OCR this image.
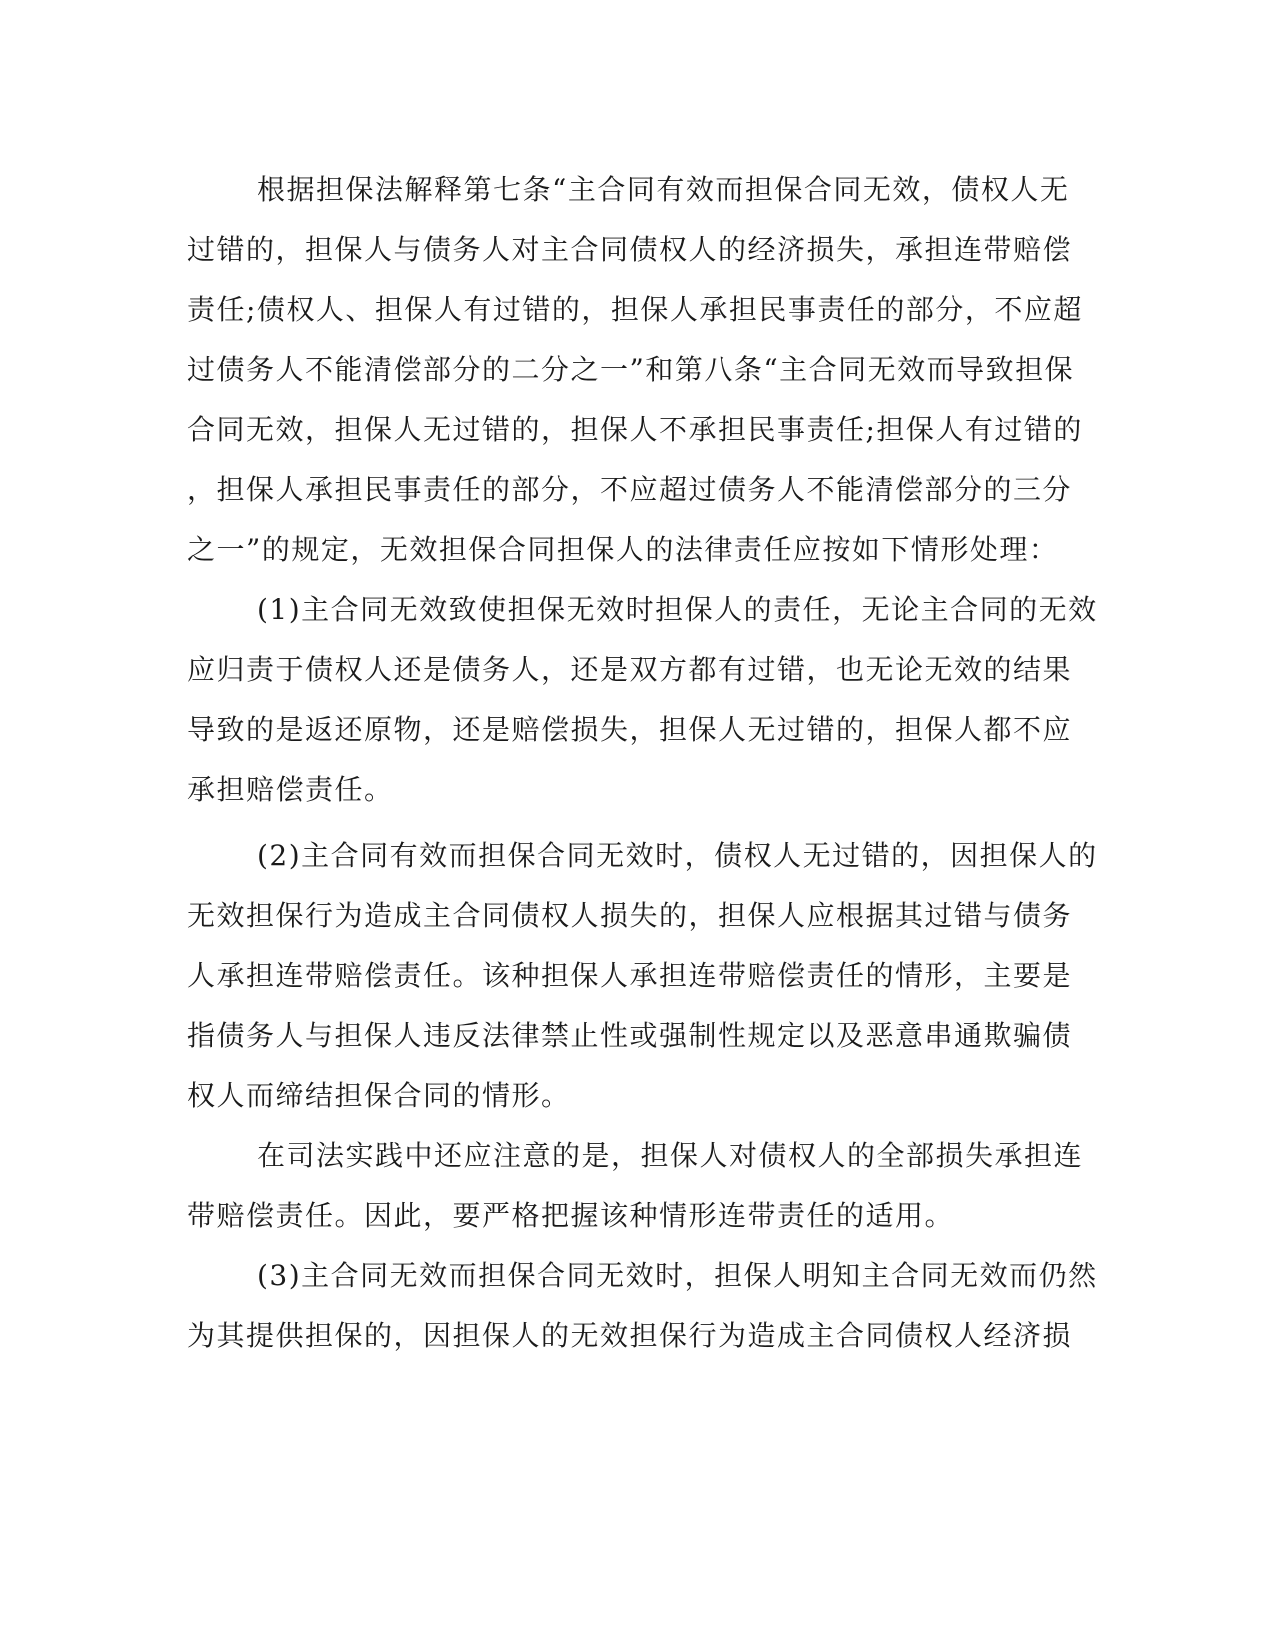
根据担保法解释第七条“主合同有效而担保合同无效，债权人无
过错的，担保人与债务人对主合同债权人的经济损失，承担连带赔偿
责任;债权人、担保人有过错的，担保人承担民事责任的部分，不应超
过债务人不能清偿部分的二分之一”和第八条“主合同无效而导致担保
合同无效，担保人无过错的，担保人不承担民事责任;担保人有过错的
，担保人承担民事责任的部分，不应超过债务人不能清偿部分的三分
之一”的规定，无效担保合同担保人的法律责任应按如下情形处理：
(1)主合同无效致使担保无效时担保人的责任，无论主合同的无效
应归责于债权人还是债务人，还是双方都有过错，也无论无效的结果
导致的是返还原物，还是赔偿损失，担保人无过错的，担保人都不应
承担赔偿责任。
(2)主合同有效而担保合同无效时，债权人无过错的，因担保人的
无效担保行为造成主合同债权人损失的，担保人应根据其过错与债务
人承担连带赔偿责任。该种担保人承担连带赔偿责任的情形，主要是
指债务人与担保人违反法律禁止性或强制性规定以及恶意串通欺骗债
权人而缔结担保合同的情形。
在司法实践中还应注意的是，担保人对债权人的全部损失承担连
带赔偿责任。因此，要严格把握该种情形连带责任的适用。
(3)主合同无效而担保合同无效时，担保人明知主合同无效而仍然
为其提供担保的，因担保人的无效担保行为造成主合同债权人经济损
